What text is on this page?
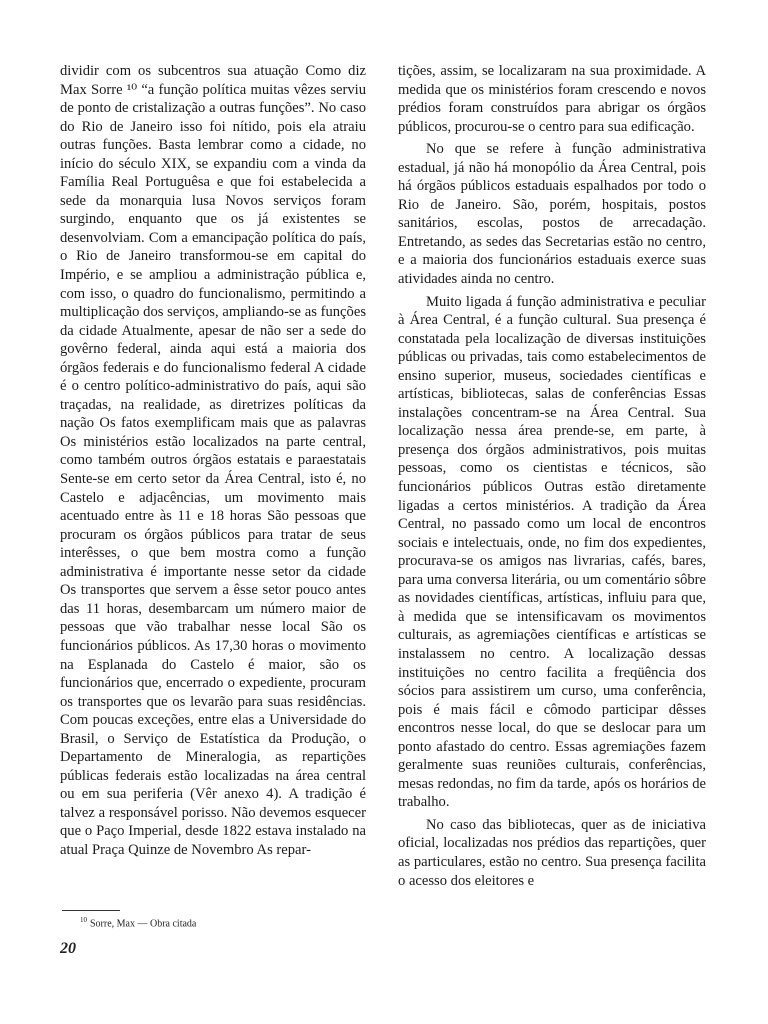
dividir com os subcentros sua atuação Como diz Max Sorre ¹⁰ “a função política muitas vêzes serviu de ponto de cristalização a outras funções”. No caso do Rio de Janeiro isso foi nítido, pois ela atraiu outras funções. Basta lembrar como a cidade, no início do século XIX, se expandiu com a vinda da Família Real Portuguêsa e que foi estabelecida a sede da monarquia lusa Novos serviços foram surgindo, enquanto que os já existentes se desenvolviam. Com a emancipação política do país, o Rio de Janeiro transformou-se em capital do Império, e se ampliou a administração pública e, com isso, o quadro do funcionalismo, permitindo a multiplicação dos serviços, ampliando-se as funções da cidade Atualmente, apesar de não ser a sede do govêrno federal, ainda aqui está a maioria dos órgãos federais e do funcionalismo federal A cidade é o centro político-administrativo do país, aqui são traçadas, na realidade, as diretrizes políticas da nação Os fatos exemplificam mais que as palavras Os ministérios estão localizados na parte central, como também outros órgãos estatais e paraestatais Sente-se em certo setor da Área Central, isto é, no Castelo e adjacências, um movimento mais acentuado entre às 11 e 18 horas São pessoas que procuram os órgãos públicos para tratar de seus interêsses, o que bem mostra como a função administrativa é importante nesse setor da cidade Os transportes que servem a êsse setor pouco antes das 11 horas, desembarcam um número maior de pessoas que vão trabalhar nesse local São os funcionários públicos. As 17,30 horas o movimento na Esplanada do Castelo é maior, são os funcionários que, encerrado o expediente, procuram os transportes que os levarão para suas residências. Com poucas exceções, entre elas a Universidade do Brasil, o Serviço de Estatística da Produção, o Departamento de Mineralogia, as repartições públicas federais estão localizadas na área central ou em sua periferia (Vêr anexo 4). A tradição é talvez a responsável porisso. Não devemos esquecer que o Paço Imperial, desde 1822 estava instalado na atual Praça Quinze de Novembro As repar-

tições, assim, se localizaram na sua proximidade. A medida que os ministérios foram crescendo e novos prédios foram construídos para abrigar os órgãos públicos, procurou-se o centro para sua edificação.

No que se refere à função administrativa estadual, já não há monopólio da Área Central, pois há órgãos públicos estaduais espalhados por todo o Rio de Janeiro. São, porém, hospitais, postos sanitários, escolas, postos de arrecadação. Entretando, as sedes das Secretarias estão no centro, e a maioria dos funcionários estaduais exerce suas atividades ainda no centro.

Muito ligada á função administrativa e peculiar à Área Central, é a função cultural. Sua presença é constatada pela localização de diversas instituições públicas ou privadas, tais como estabelecimentos de ensino superior, museus, sociedades científicas e artísticas, bibliotecas, salas de conferências Essas instalações concentram-se na Área Central. Sua localização nessa área prende-se, em parte, à presença dos órgãos administrativos, pois muitas pessoas, como os cientistas e técnicos, são funcionários públicos Outras estão diretamente ligadas a certos ministérios. A tradição da Área Central, no passado como um local de encontros sociais e intelectuais, onde, no fim dos expedientes, procurava-se os amigos nas livrarias, cafés, bares, para uma conversa literária, ou um comentário sôbre as novidades científicas, artísticas, influiu para que, à medida que se intensificavam os movimentos culturais, as agremiações científicas e artísticas se instalassem no centro. A localização dessas instituições no centro facilita a freqüência dos sócios para assistirem um curso, uma conferência, pois é mais fácil e cômodo participar dêsses encontros nesse local, do que se deslocar para um ponto afastado do centro. Essas agremiações fazem geralmente suas reuniões culturais, conferências, mesas redondas, no fim da tarde, após os horários de trabalho.

No caso das bibliotecas, quer as de iniciativa oficial, localizadas nos prédios das repartições, quer as particulares, estão no centro. Sua presença facilita o acesso dos eleitores e

$^{10}$ Sorre, Max — Obra citada
20
